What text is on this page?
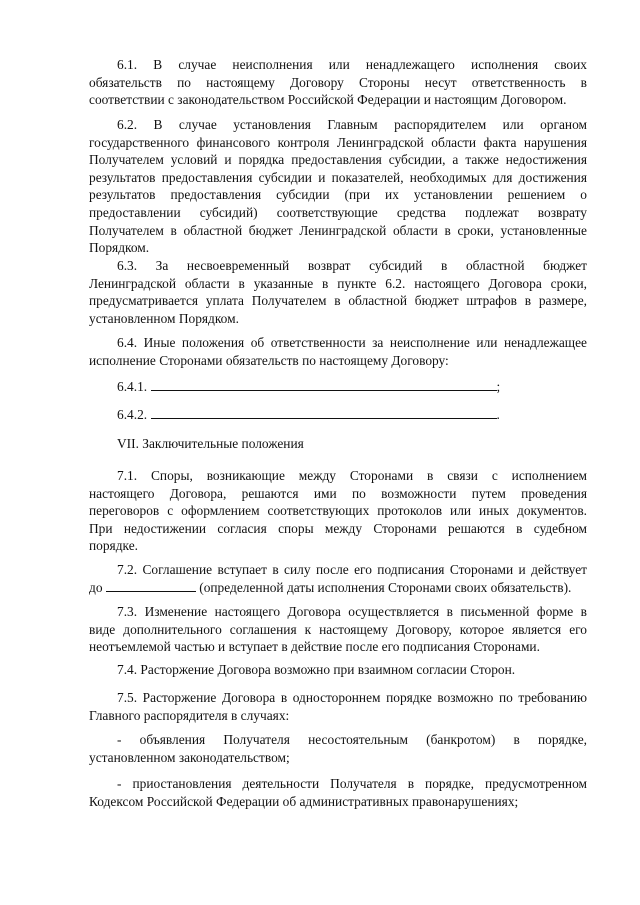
6.1. В случае неисполнения или ненадлежащего исполнения своих
обязательств по настоящему Договору Стороны несут ответственность в
соответствии с законодательством Российской Федерации и настоящим Договором.
6.2. В случае установления Главным распорядителем или органом
государственного финансового контроля Ленинградской области факта нарушения
Получателем условий и порядка предоставления субсидии, а также недостижения
результатов предоставления субсидии и показателей, необходимых для достижения
результатов предоставления субсидии (при их установлении решением о
предоставлении субсидий) соответствующие средства подлежат возврату
Получателем в областной бюджет Ленинградской области в сроки, установленные
Порядком.
6.3. За несвоевременный возврат субсидий в областной бюджет
Ленинградской области в указанные в пункте 6.2. настоящего Договора сроки,
предусматривается уплата Получателем в областной бюджет штрафов в размере,
установленном Порядком.
6.4. Иные положения об ответственности за неисполнение или ненадлежащее
исполнение Сторонами обязательств по настоящему Договору:
6.4.1.	;
6.4.2.	.
VII. Заключительные положения
7.1. Споры, возникающие между Сторонами в связи с исполнением
настоящего Договора, решаются ими по возможности путем проведения
переговоров с оформлением соответствующих протоколов или иных документов.
При недостижении согласия споры между Сторонами решаются в судебном
порядке.
7.2. Соглашение вступает в силу после его подписания Сторонами и действует
до	(определенной даты исполнения Сторонами своих обязательств).
7.3. Изменение настоящего Договора осуществляется в письменной форме в
виде дополнительного соглашения к настоящему Договору, которое является его
неотъемлемой частью и вступает в действие после его подписания Сторонами.
7.4. Расторжение Договора возможно при взаимном согласии Сторон.
7.5. Расторжение Договора в одностороннем порядке возможно по требованию
Главного распорядителя в случаях:
- объявления Получателя несостоятельным (банкротом) в порядке,
установленном законодательством;
- приостановления деятельности Получателя в порядке, предусмотренном
Кодексом Российской Федерации об административных правонарушениях;
